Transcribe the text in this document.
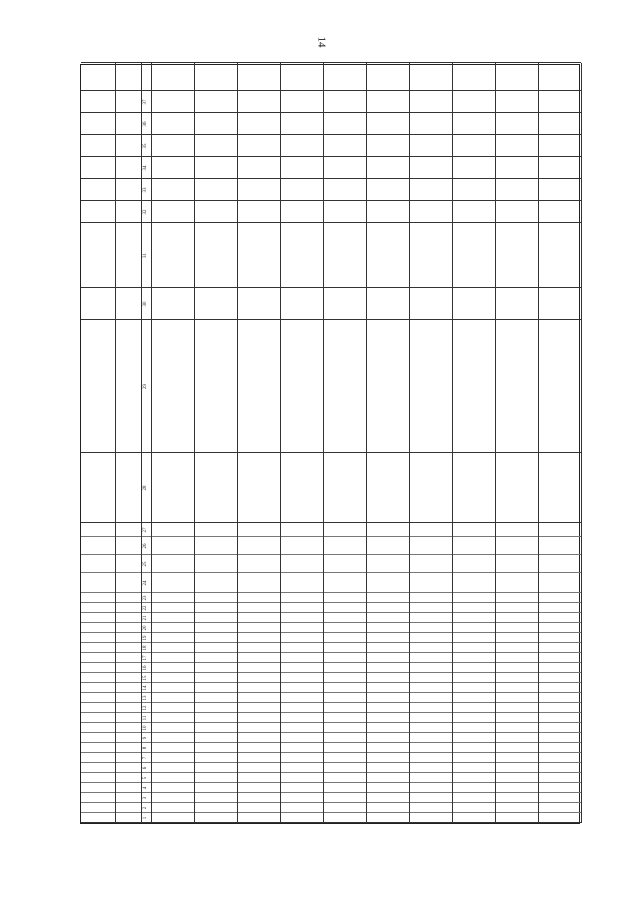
14
1
2
3
4
5
6
7
8
9
10
11
12
13
14
15
16
17
18
19
20
21
22
23
24
25
26
27
28
29
30
31
32
33
34
35
36
37
